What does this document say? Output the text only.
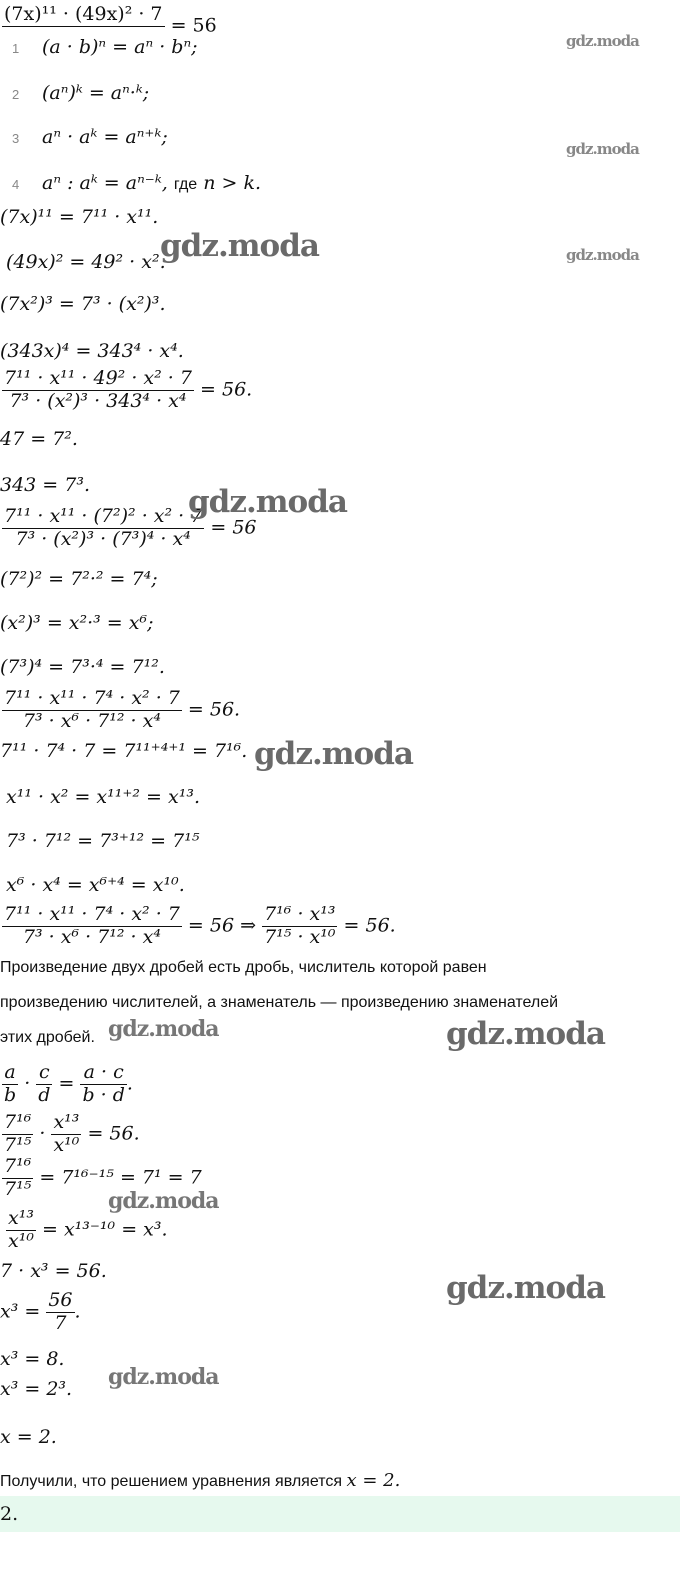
(7x)¹¹ · (49x)² · 7

= 56
1 (a · b)ⁿ = aⁿ · bⁿ;
2 (aⁿ)ᵏ = aⁿ·ᵏ;
3 aⁿ · aᵏ = aⁿ⁺ᵏ;
4 aⁿ : aᵏ = aⁿ⁻ᵏ, где n > k.
(7x)¹¹ = 7¹¹ · x¹¹.
(49x)² = 49² · x².
(7x²)³ = 7³ · (x²)³.
(343x)⁴ = 343⁴ · x⁴.
$\frac{\text{7¹¹ · x¹¹ · 49² · x² · 7}}{\text{7³ · (x²)³ · 343⁴ · x⁴}} = 56$.
47 = 7².
343 = 7³.
$\frac{\text{7¹¹ · x¹¹ · (7²)² · x² · 7}}{\text{7³ · (x²)³ · (7³)⁴ · x⁴}} = 56$
(7²)² = 7²·² = 7⁴;
(x²)³ = x²·³ = x⁶;
(7³)⁴ = 7³·⁴ = 7¹².
$\frac{\text{7¹¹ · x¹¹ · 7⁴ · x² · 7}}{\text{7³ · x⁶ · 7¹² · x⁴}} = 56$.
7¹¹ · 7⁴ · 7 = 7¹¹⁺⁴⁺¹ = 7¹⁶.
x¹¹ · x² = x¹¹⁺² = x¹³.
7³ · 7¹² = 7³⁺¹² = 7¹⁵
x⁶ · x⁴ = x⁶⁺⁴ = x¹⁰.
$\frac{\text{7¹¹ · x¹¹ · 7⁴ · x² · 7}}{\text{7³ · x⁶ · 7¹² · x⁴}} = 56$ ⇒ $\frac{\text{7¹⁶ · x¹³}}{\text{7¹⁵ · x¹⁰}} = 56$.
Произведение двух дробей есть дробь, числитель которой равен
произведению числителей, а знаменатель — произведению знаменателей
этих дробей.
$\frac{a}{b} \cdot \frac{c}{d} = \frac{a \cdot c}{b \cdot d}$ .
$\frac{\text{7¹⁶}}{\text{7¹⁵}} \cdot \frac{\text{x¹³}}{\text{x¹⁰}} = 56$.
$\frac{\text{7¹⁶}}{\text{7¹⁵}} = 7^{16-15} = 7^1 = 7$
$\frac{\text{x¹³}}{\text{x¹⁰}} = x^{13-10} = x^3$.
7 · x³ = 56.
$x^3 = \frac{56}{7}$ .
x³ = 8.
x³ = 2³.
x = 2.
Получили, что решением уравнения является x = 2.
2.
gdz.moda
gdz.moda
gdz.moda
gdz.moda
gdz.moda
gdz.moda
gdz.moda	gdz.moda
gdz.moda
gdz.moda
gdz.moda
